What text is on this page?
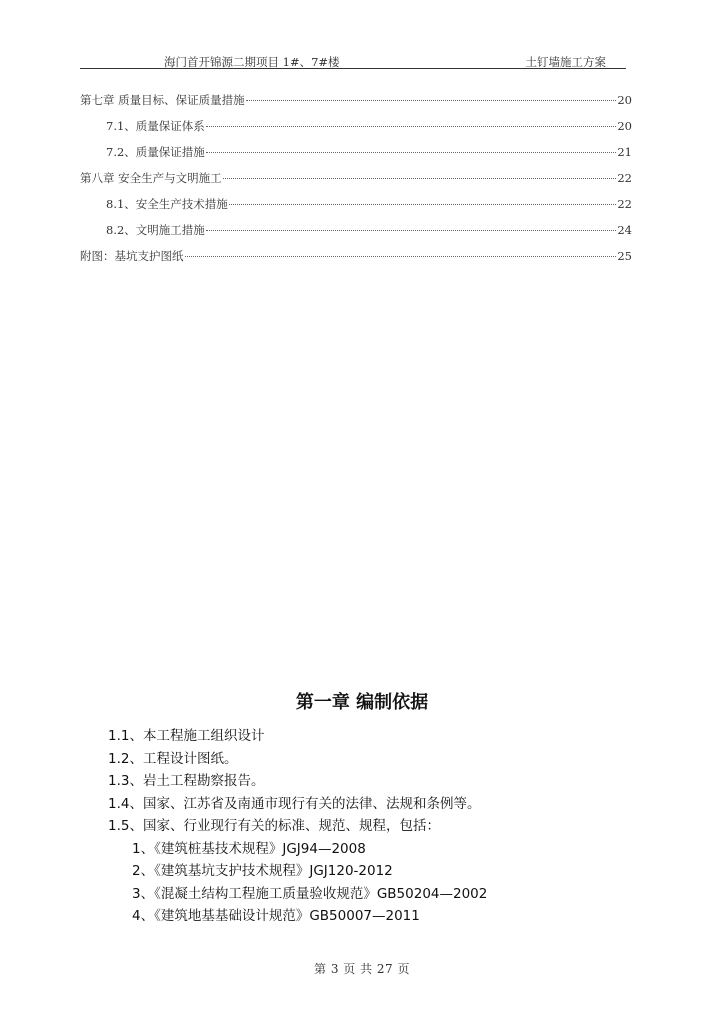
海门首开锦源二期项目 1#、7#楼	土钉墙施工方案
第七章 质量目标、保证质量措施	20
7.1、质量保证体系	20
7.2、质量保证措施	21
第八章 安全生产与文明施工	22
8.1、安全生产技术措施	22
8.2、文明施工措施	24
附图：基坑支护图纸	25
第一章 编制依据
1.1、本工程施工组织设计
1.2、工程设计图纸。
1.3、岩土工程勘察报告。
1.4、国家、江苏省及南通市现行有关的法律、法规和条例等。
1.5、国家、行业现行有关的标准、规范、规程，包括：
1、《建筑桩基技术规程》JGJ94—2008
2、《建筑基坑支护技术规程》JGJ120-2012
3、《混凝土结构工程施工质量验收规范》GB50204—2002
4、《建筑地基基础设计规范》GB50007—2011
第 3 页 共 27 页
